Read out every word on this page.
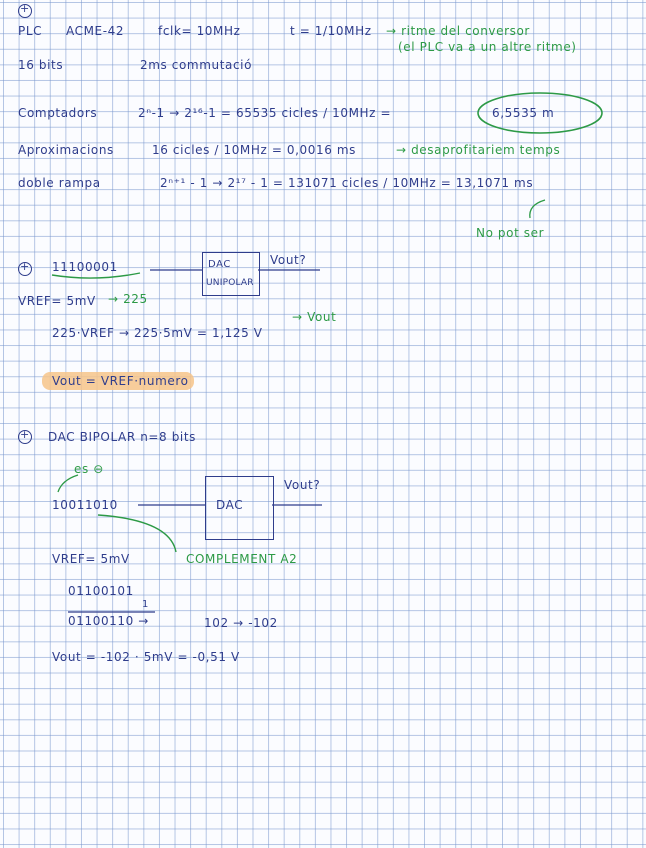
+
PLC ACME-42	fclk= 10MHz	t = 1/10MHz → ritme del conversor
(el PLC va a un altre ritme)
16 bits	2ms commutació
Comptadors	2ⁿ-1 → 2¹⁶-1 = 65535 cicles / 10MHz =	6,5535 m
Aproximacions	16 cicles / 10MHz = 0,0016 ms	→ desaprofitariem temps
doble rampa	2ⁿ⁺¹ - 1 → 2¹⁷ - 1 = 131071 cicles / 10MHz = 13,1071 ms
No pot ser
+
11100001	DAC
UNIPOLAR
Vout?
VREF= 5mV → 225
→ Vout
225·VREF → 225·5mV = 1,125 V
Vout = VREF·numero
+
DAC BIPOLAR n=8 bits
es ⊖
10011010	DAC
Vout?
VREF= 5mV	COMPLEMENT A2
01100101
1
01100110 →	102 → -102
Vout = -102 · 5mV = -0,51 V
